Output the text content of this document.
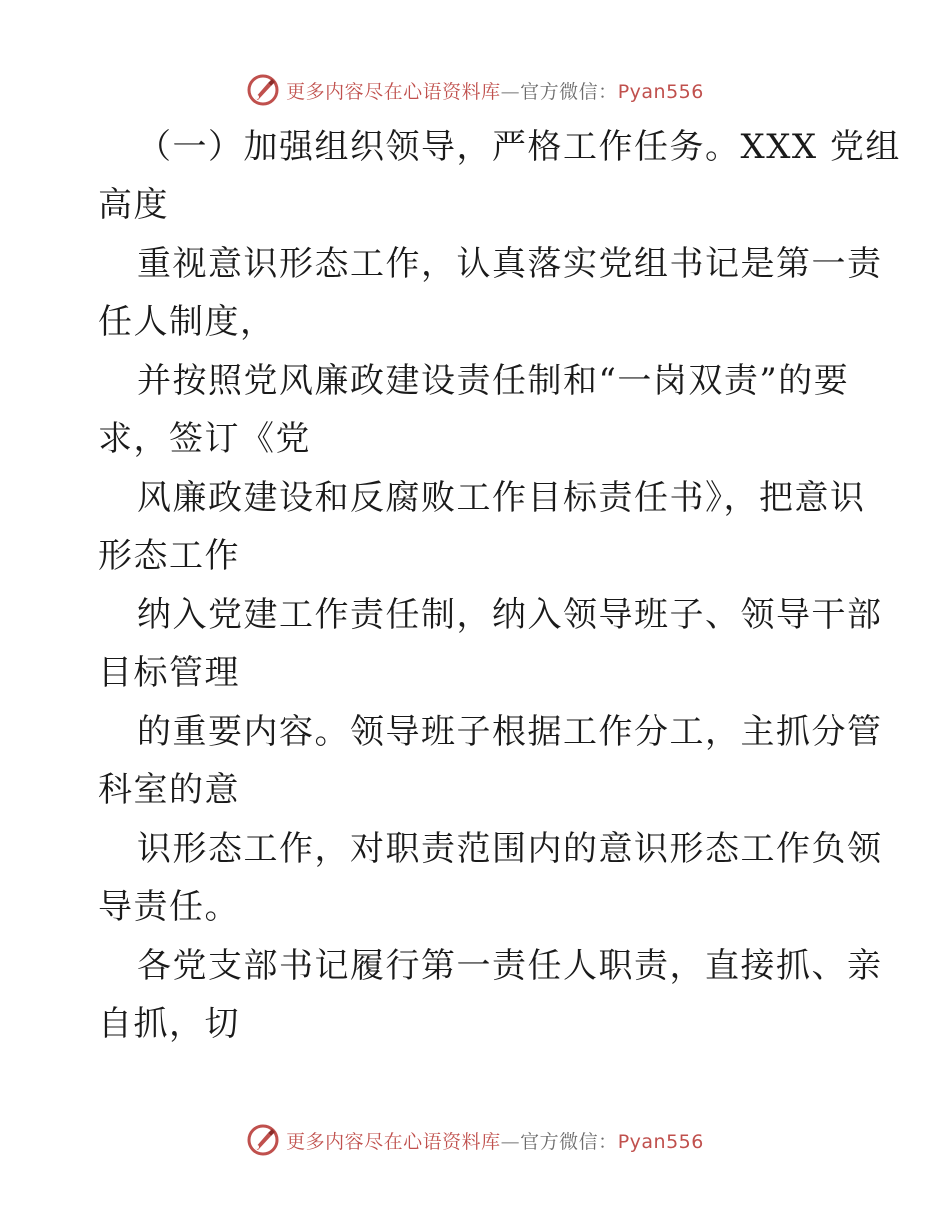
更多内容尽在心语资料库—官方微信：Pyan556
（一）加强组织领导，严格工作任务。XXX 党组
高度
重视意识形态工作，认真落实党组书记是第一责
任人制度，
并按照党风廉政建设责任制和“一岗双责”的要
求，签订《党
风廉政建设和反腐败工作目标责任书》，把意识
形态工作
纳入党建工作责任制，纳入领导班子、领导干部
目标管理
的重要内容。领导班子根据工作分工，主抓分管
科室的意
识形态工作，对职责范围内的意识形态工作负领
导责任。
各党支部书记履行第一责任人职责，直接抓、亲
自抓，切
更多内容尽在心语资料库—官方微信：Pyan556
